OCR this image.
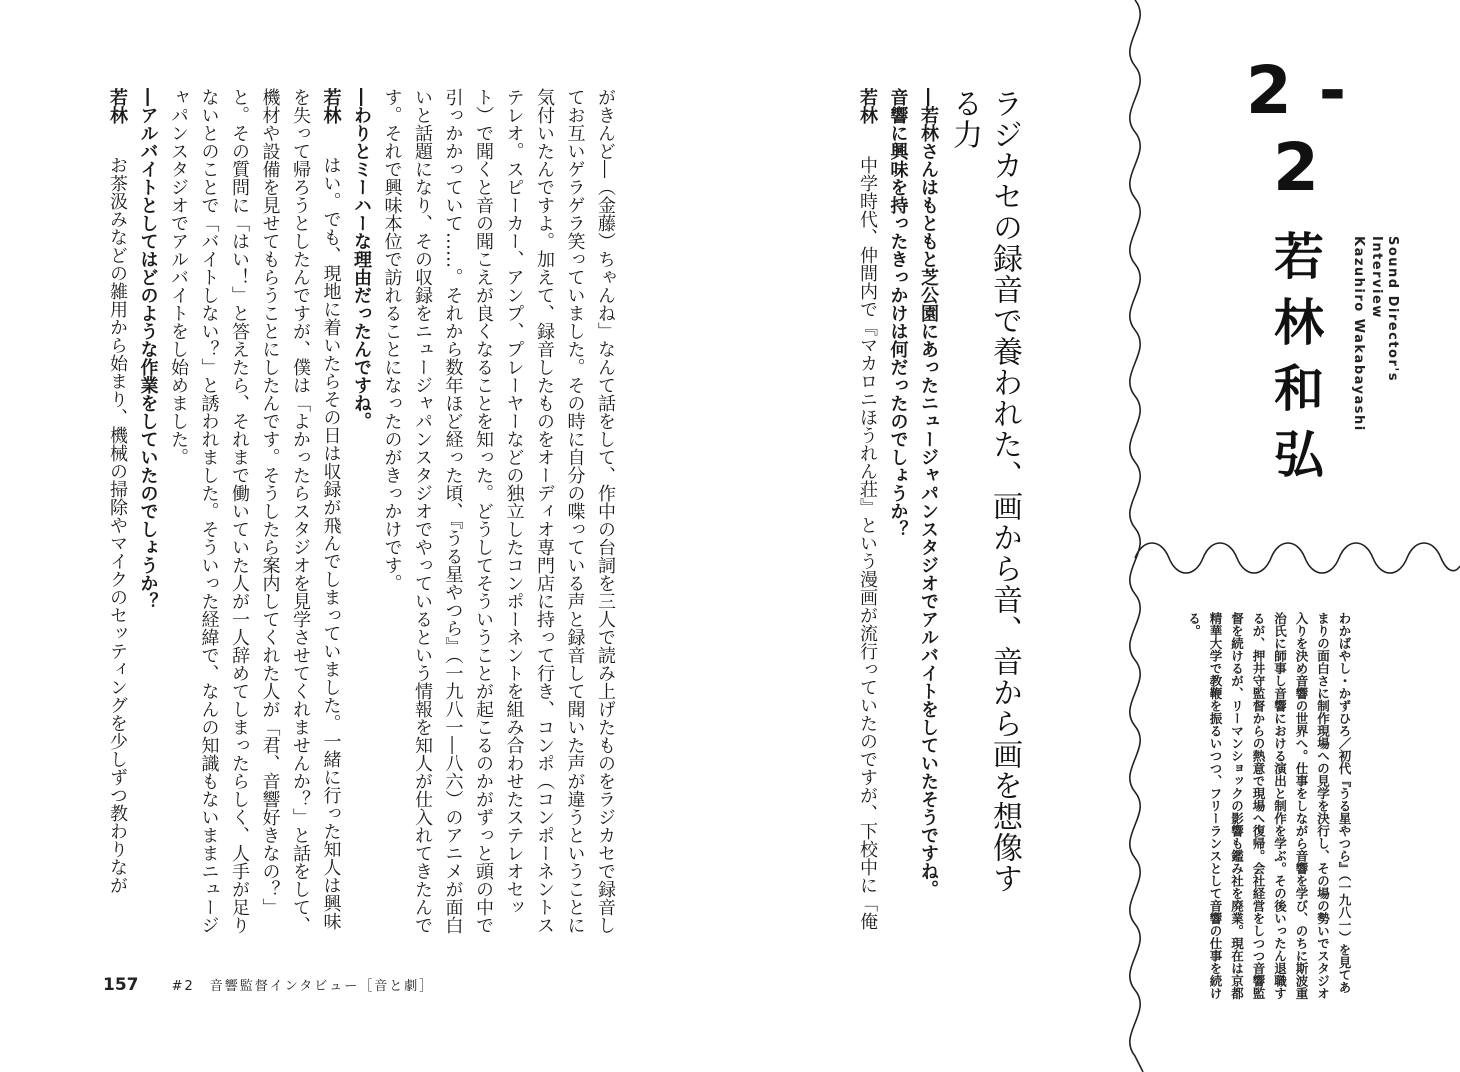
2 - 2
若林和弘	Sound Director's Interview
Kazuhiro Wakabayashi
わかばやし・かずひろ／初代『うる星やつら』（一九八一）を見てあまりの面白さに制作現場への見学を決行し、その場の勢いでスタジオ入りを決め音響の世界へ。仕事をしながら音響を学び、のちに斯波重治氏に師事し音響における演出と制作を学ぶ。その後いったん退職するが、押井守監督からの熱意で現場へ復帰。会社経営をしつつ音響監督を続けるが、リーマンショックの影響も鑑み社を廃業。現在は京都精華大学で教鞭を振るいつつ、フリーランスとして音響の仕事を続ける。
ラジカセの録音で養われた、画から音、音から画を想像する力

―若林さんはもともと芝公園にあったニュージャパンスタジオでアルバイトをしていたそうですね。

音響に興味を持ったきっかけは何だったのでしょうか？

若林　中学時代、仲間内で『マカロニほうれん荘』という漫画が流行っていたのですが、下校中に「俺

がきんど―（金藤）ちゃんね」なんて話をして、作中の台詞を三人で読み上げたものをラジカセで録音してお互いゲラゲラ笑っていました。その時に自分の喋っている声と録音して聞いた声が違うということに気付いたんですよ。加えて、録音したものをオーディオ専門店に持って行き、コンポ（コンポーネントステレオ。スピーカー、アンプ、プレーヤーなどの独立したコンポーネントを組み合わせたステレオセット）で聞くと音の聞こえが良くなることを知った。どうしてそういうことが起こるのかがずっと頭の中で引っかかっていて……。それから数年ほど経った頃、『うる星やつら』（一九八一―八六）のアニメが面白いと話題になり、その収録をニュージャパンスタジオでやっているという情報を知人が仕入れてきたんです。それで興味本位で訪れることになったのがきっかけです。

―わりとミーハーな理由だったんですね。

若林　はい。でも、現地に着いたらその日は収録が飛んでしまっていました。一緒に行った知人は興味を失って帰ろうとしたんですが、僕は「よかったらスタジオを見学させてくれませんか？」と話をして、機材や設備を見せてもらうことにしたんです。そうしたら案内してくれた人が「君、音響好きなの？」と。その質問に「はい！」と答えたら、それまで働いていた人が一人辞めてしまったらしく、人手が足りないとのことで「バイトしない？」と誘われました。そういった経緯で、なんの知識もないままニュージャパンスタジオでアルバイトをし始めました。

―アルバイトとしてはどのような作業をしていたのでしょうか？

若林　お茶汲みなどの雑用から始まり、機械の掃除やマイクのセッティングを少しずつ教わりなが

157	#2　音響監督インタビュー［音と劇］
